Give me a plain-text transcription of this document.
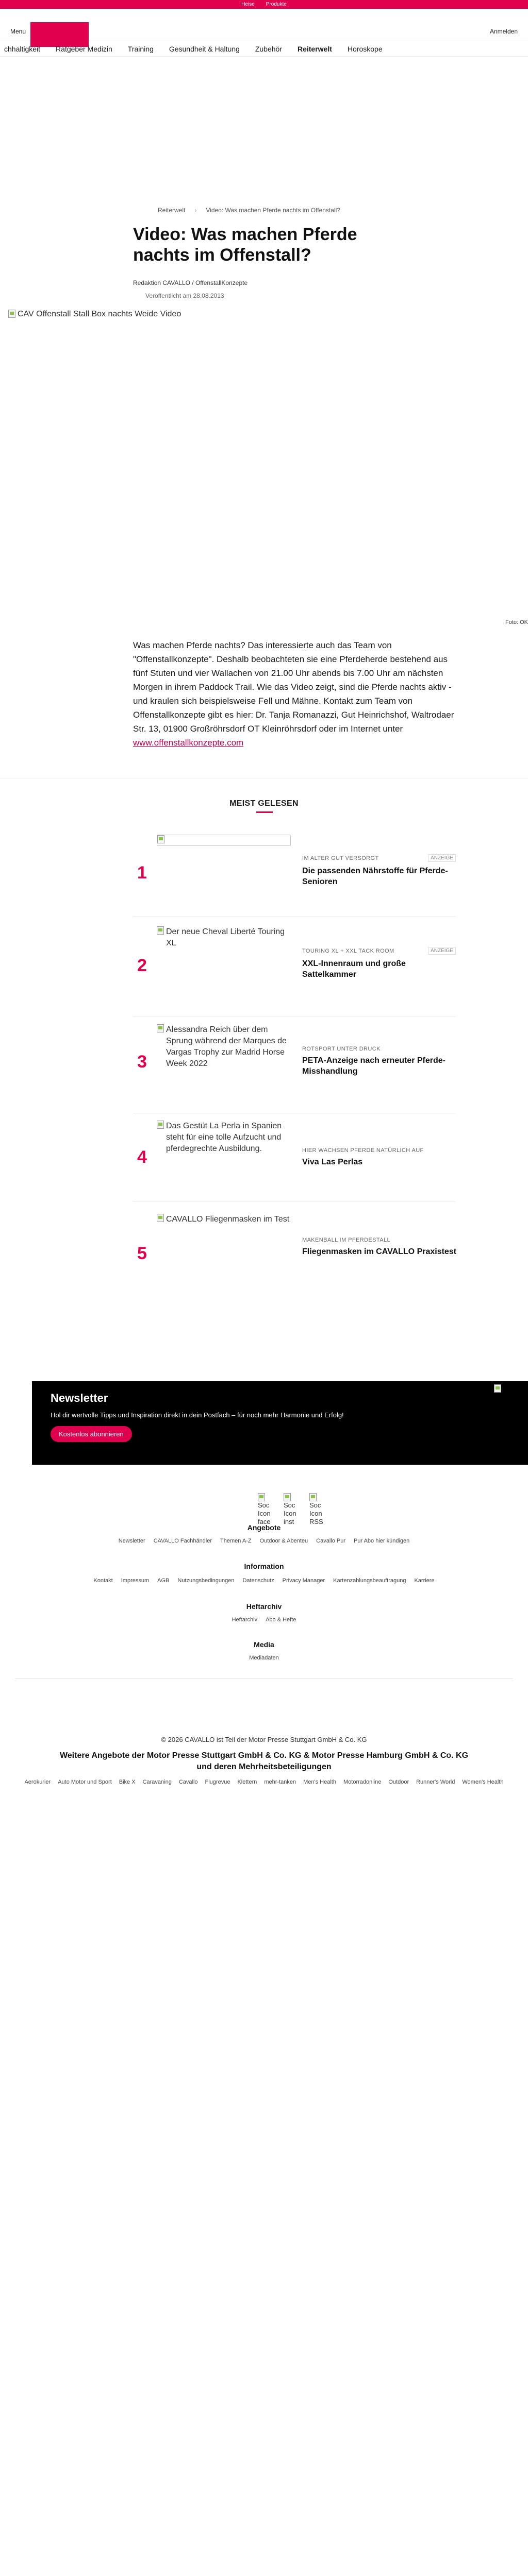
Heise Produkte
Menu	Anmelden
chhaltigkeit Ratgeber Medizin Training Gesundheit & Haltung Zubehör Reiterwelt Horoskope
Reiterwelt › Video: Was machen Pferde nachts im Offenstall?
Video: Was machen Pferde nachts im Offenstall?
Redaktion CAVALLO / OffenstallKonzepte
Veröffentlicht am 28.08.2013
CAV Offenstall Stall Box nachts Weide Video
Foto: OK

Was machen Pferde nachts? Das interessierte auch das Team von "Offenstallkonzepte". Deshalb beobachteten sie eine Pferdeherde bestehend aus fünf Stuten und vier Wallachen von 21.00 Uhr abends bis 7.00 Uhr am nächsten Morgen in ihrem Paddock Trail. Wie das Video zeigt, sind die Pferde nachts aktiv - und kraulen sich beispielsweise Fell und Mähne. Kontakt zum Team von Offenstallkonzepte gibt es hier: Dr. Tanja Romanazzi, Gut Heinrichshof, Waltrodaer Str. 13, 01900 Großröhrsdorf OT Kleinröhrsdorf oder im Internet unter www.offenstallkonzepte.com

MEIST GELESEN
1
IM ALTER GUT VERSORGT	ANZEIGE
Die passenden Nährstoffe für Pferde-Senioren
2
Der neue Cheval Liberté Touring XL
TOURING XL + XXL TACK ROOM	ANZEIGE
XXL-Innenraum und große Sattelkammer
3
Alessandra Reich über dem Sprung während der Marques de Vargas Trophy zur Madrid Horse Week 2022
ROTSPORT UNTER DRUCK
PETA-Anzeige nach erneuter Pferde-Misshandlung
4
Das Gestüt La Perla in Spanien steht für eine tolle Aufzucht und pferdegrechte Ausbildung.	HIER WACHSEN PFERDE NATÜRLICH AUF
Viva Las Perlas
5
CAVALLO Fliegenmasken im Test
MAKENBALL IM PFERDESTALL
Fliegenmasken im CAVALLO Praxistest
Newsletter

Hol dir wertvolle Tipps und Inspiration direkt in dein Postfach – für noch mehr Harmonie und Erfolg!

Kostenlos abonnieren
Soc Icon face
Soc Icon inst
Soc Icon RSS
Angebote
Newsletter CAVALLO Fachhändler Themen A-Z Outdoor & Abenteu Cavallo Pur Pur Abo hier kündigen
Information
Kontakt Impressum AGB Nutzungsbedingungen Datenschutz Privacy Manager Kartenzahlungsbeauftragung Karriere
Heftarchiv
Heftarchiv Abo & Hefte
Media
Mediadaten
© 2026 CAVALLO ist Teil der Motor Presse Stuttgart GmbH & Co. KG
Weitere Angebote der Motor Presse Stuttgart GmbH & Co. KG & Motor Presse Hamburg GmbH & Co. KG und deren Mehrheitsbeteiligungen
Aerokurier Auto Motor und Sport Bike X Caravaning Cavallo Flugrevue Klettern mehr-tanken Men's Health Motorradonline Outdoor Runner's World Women's Health
